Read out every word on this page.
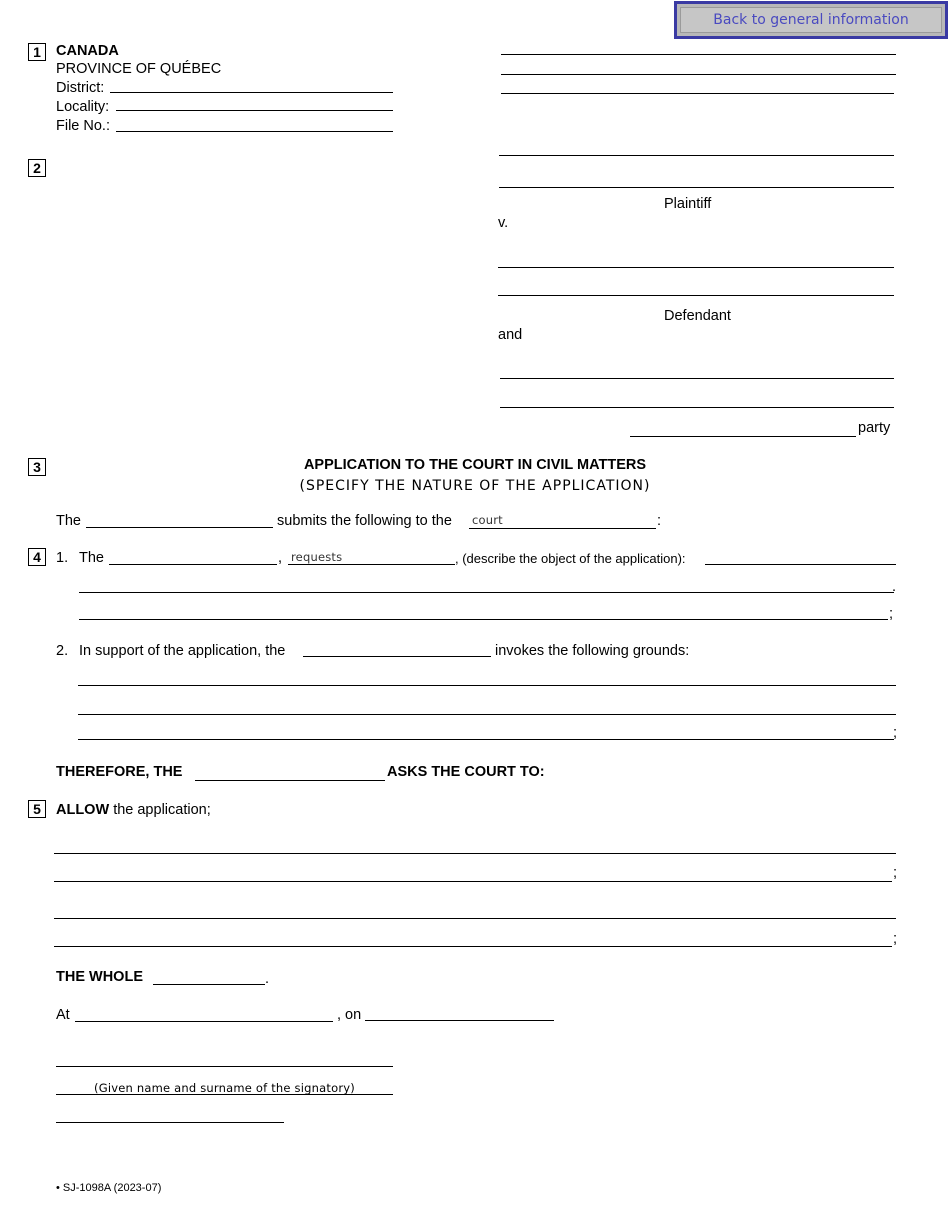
Back to general information
1	CANADA
PROVINCE OF QUÉBEC
District:
Locality:
File No.:
2
Plaintiff
v.
Defendant
and
party
3	APPLICATION TO THE COURT IN CIVIL MATTERS
(SPECIFY THE NATURE OF THE APPLICATION)
The	submits the following to the court	:
4	1. The	, requests	, (describe the object of the application):
.
;
2. In support of the application, the	invokes the following grounds:
;
THEREFORE, THE	ASKS THE COURT TO:
5	ALLOW the application;
;
;
THE WHOLE	.
At	, on
(Given name and surname of the signatory)
• SJ-1098A (2023-07)
